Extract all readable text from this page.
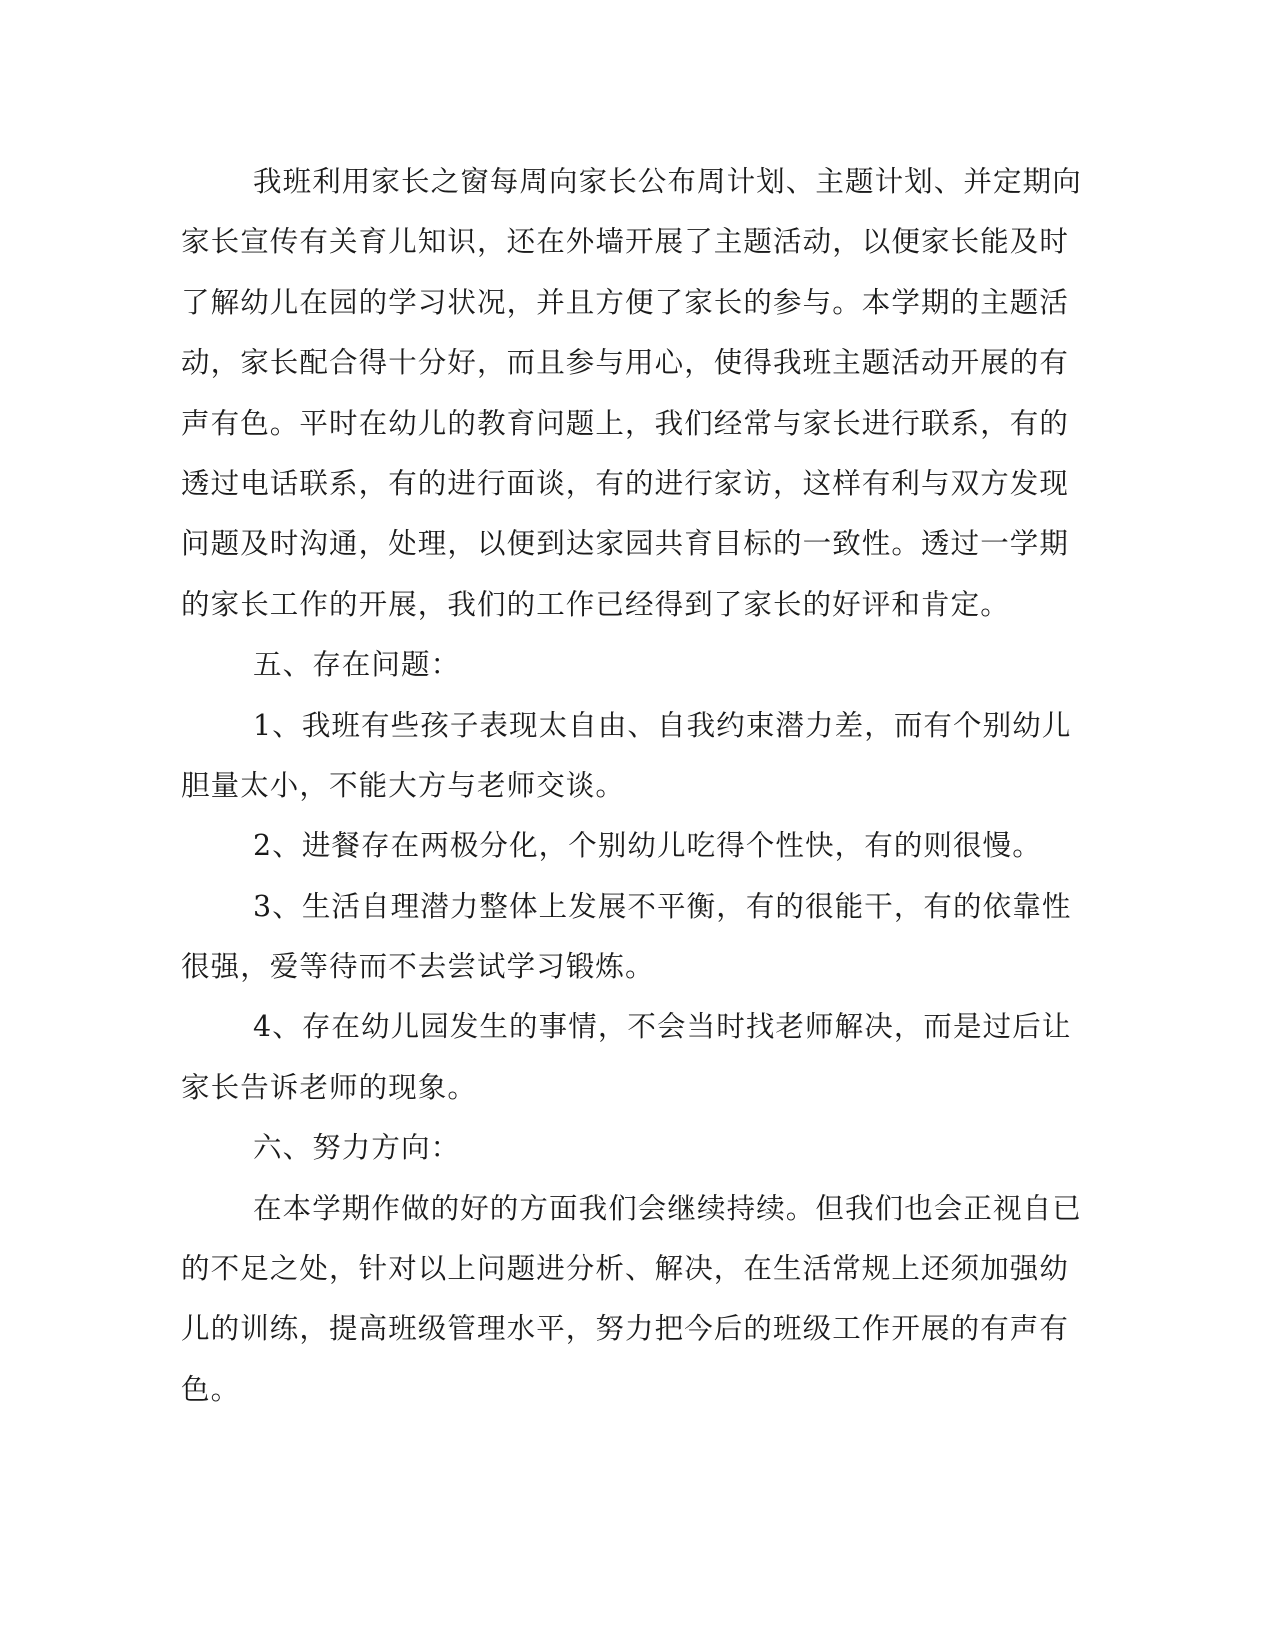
我班利用家长之窗每周向家长公布周计划、主题计划、并定期向
家长宣传有关育儿知识，还在外墙开展了主题活动，以便家长能及时
了解幼儿在园的学习状况，并且方便了家长的参与。本学期的主题活
动，家长配合得十分好，而且参与用心，使得我班主题活动开展的有
声有色。平时在幼儿的教育问题上，我们经常与家长进行联系，有的
透过电话联系，有的进行面谈，有的进行家访，这样有利与双方发现
问题及时沟通，处理，以便到达家园共育目标的一致性。透过一学期
的家长工作的开展，我们的工作已经得到了家长的好评和肯定。
五、存在问题：
1、我班有些孩子表现太自由、自我约束潜力差，而有个别幼儿
胆量太小，不能大方与老师交谈。
2、进餐存在两极分化，个别幼儿吃得个性快，有的则很慢。
3、生活自理潜力整体上发展不平衡，有的很能干，有的依靠性
很强，爱等待而不去尝试学习锻炼。
4、存在幼儿园发生的事情，不会当时找老师解决，而是过后让
家长告诉老师的现象。
六、努力方向：
在本学期作做的好的方面我们会继续持续。但我们也会正视自已
的不足之处，针对以上问题进分析、解决，在生活常规上还须加强幼
儿的训练，提高班级管理水平，努力把今后的班级工作开展的有声有
色。
